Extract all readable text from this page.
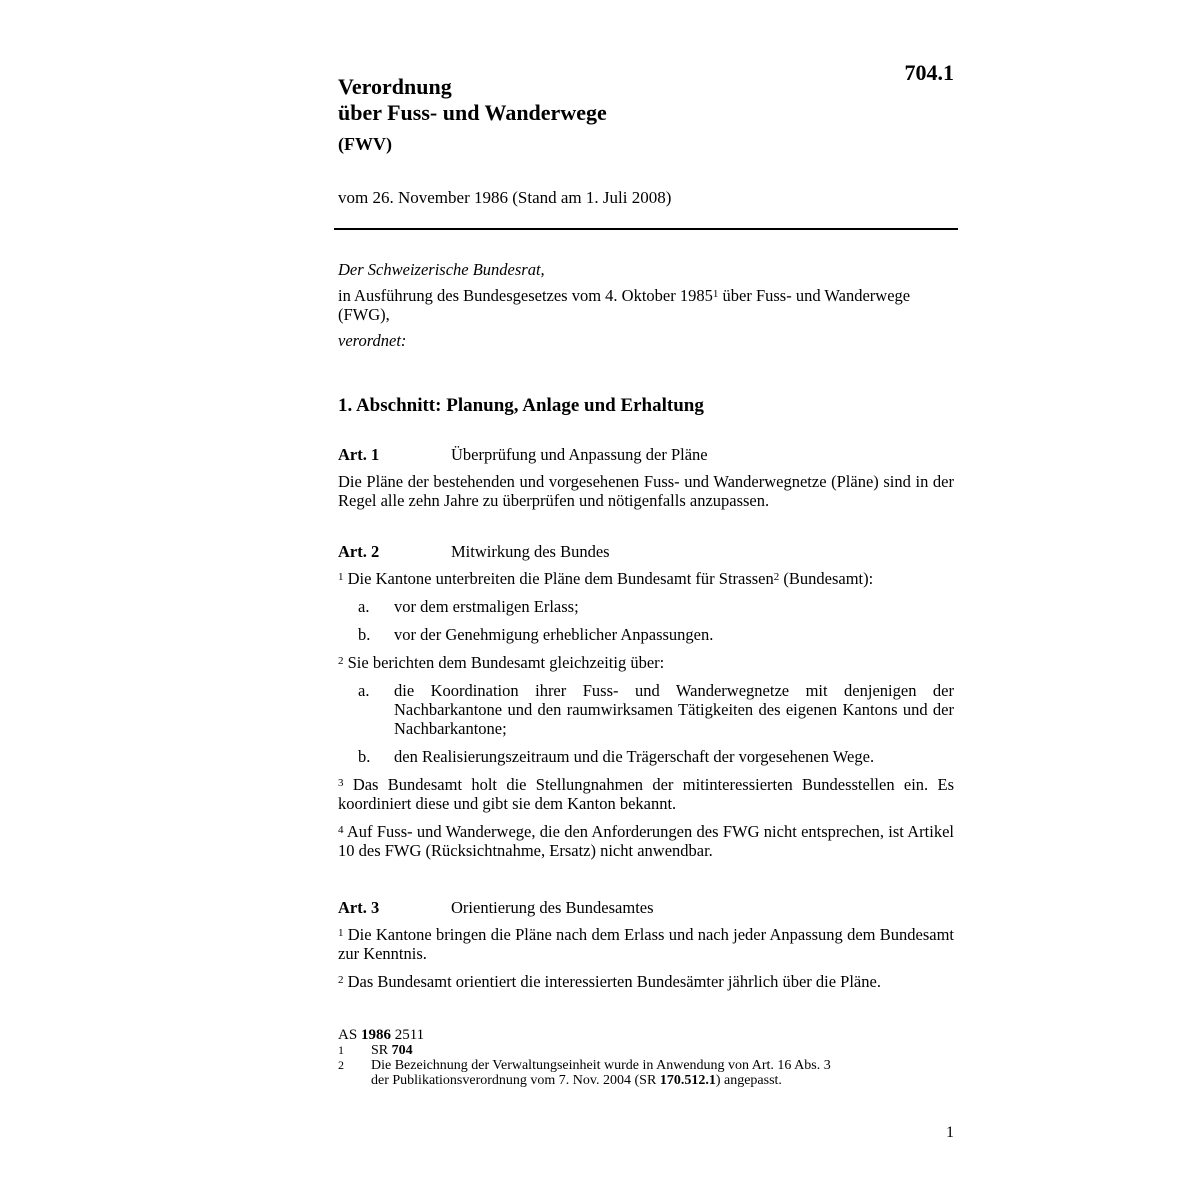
704.1
Verordnung
über Fuss- und Wanderwege
(FWV)
vom 26. November 1986 (Stand am 1. Juli 2008)

Der Schweizerische Bundesrat,

in Ausführung des Bundesgesetzes vom 4. Oktober 1985$^1$ über Fuss- und Wanderwege (FWG),

verordnet:

1. Abschnitt: Planung, Anlage und Erhaltung
Art. 1	Überprüfung und Anpassung der Pläne

Die Pläne der bestehenden und vorgesehenen Fuss- und Wanderwegnetze (Pläne) sind in der Regel alle zehn Jahre zu überprüfen und nötigenfalls anzupassen.

Art. 2	Mitwirkung des Bundes

$^1$ Die Kantone unterbreiten die Pläne dem Bundesamt für Strassen$^2$ (Bundesamt):

a.	vor dem erstmaligen Erlass;
b.	vor der Genehmigung erheblicher Anpassungen.

$^2$ Sie berichten dem Bundesamt gleichzeitig über:

a.	die Koordination ihrer Fuss- und Wanderwegnetze mit denjenigen der Nachbarkantone und den raumwirksamen Tätigkeiten des eigenen Kantons und der Nachbarkantone;
b.	den Realisierungszeitraum und die Trägerschaft der vorgesehenen Wege.

$^3$ Das Bundesamt holt die Stellungnahmen der mitinteressierten Bundesstellen ein. Es koordiniert diese und gibt sie dem Kanton bekannt.

$^4$ Auf Fuss- und Wanderwege, die den Anforderungen des FWG nicht entsprechen, ist Artikel 10 des FWG (Rücksichtnahme, Ersatz) nicht anwendbar.

Art. 3	Orientierung des Bundesamtes

$^1$ Die Kantone bringen die Pläne nach dem Erlass und nach jeder Anpassung dem Bundesamt zur Kenntnis.

$^2$ Das Bundesamt orientiert die interessierten Bundesämter jährlich über die Pläne.

AS 1986 2511
1	SR 704
2	Die Bezeichnung der Verwaltungseinheit wurde in Anwendung von Art. 16 Abs. 3
der Publikationsverordnung vom 7. Nov. 2004 (SR 170.512.1) angepasst.
1
